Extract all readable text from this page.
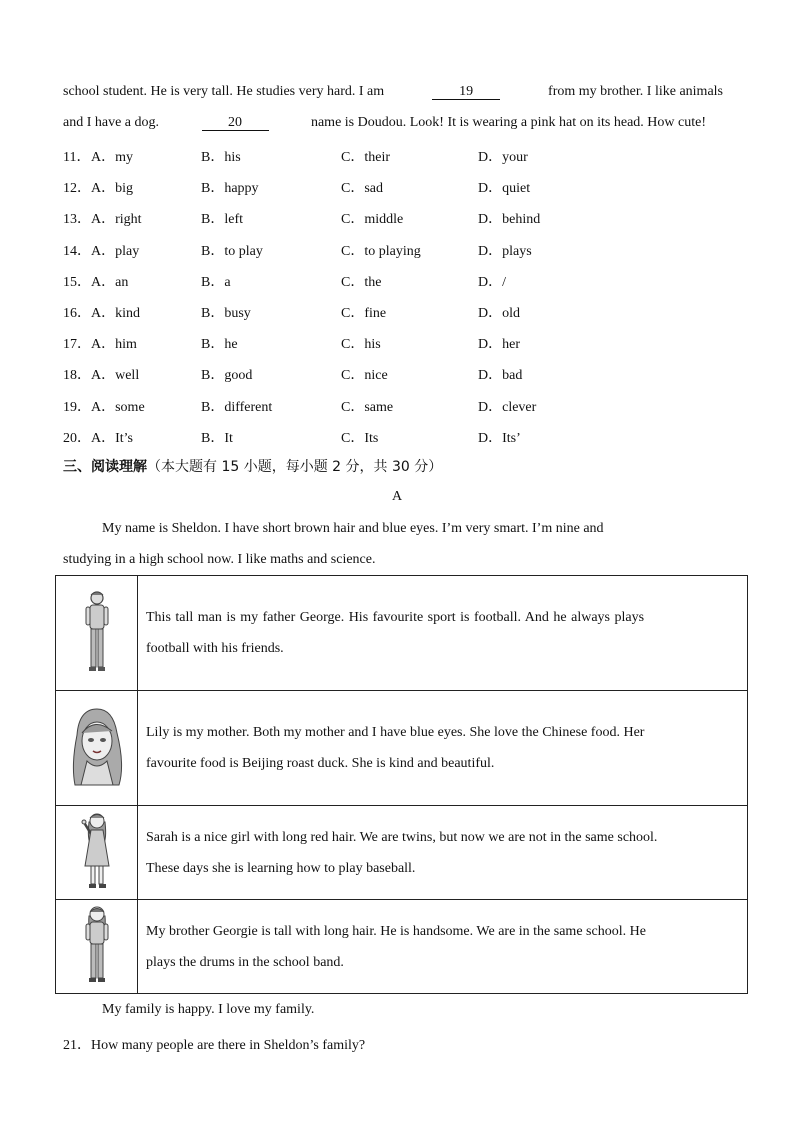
school student. He is very tall. He studies very hard. I am	19	from my brother. I like animals
and I have a dog.	20	name is Doudou. Look! It is wearing a pink hat on its head. How cute!
11． A．my	B．his	C．their	D．your
12． A．big	B．happy	C．sad	D．quiet
13． A．right	B．left	C．middle	D．behind
14． A．play	B．to play	C．to playing	D．plays
15． A．an	B．a	C．the	D．/
16． A．kind	B．busy	C．fine	D．old
17． A．him	B．he	C．his	D．her
18． A．well	B．good	C．nice	D．bad
19． A．some	B．different	C．same	D．clever
20． A．It’s	B．It	C．Its	D．Its’
三、阅读理解（本大题有 15 小题，每小题 2 分，共 30 分）
A
My name is Sheldon. I have short brown hair and blue eyes. I’m very smart. I’m nine and
studying in a high school now. I like maths and science.

This tall man is my father George. His favourite sport is football. And he always plays
football with his friends.

Lily is my mother. Both my mother and I have blue eyes. She love the Chinese food. Her
favourite food is Beijing roast duck. She is kind and beautiful.

Sarah is a nice girl with long red hair. We are twins, but now we are not in the same school.
These days she is learning how to play baseball.

My brother Georgie is tall with long hair. He is handsome. We are in the same school. He
plays the drums in the school band.
My family is happy. I love my family.
21．How many people are there in Sheldon’s family?
